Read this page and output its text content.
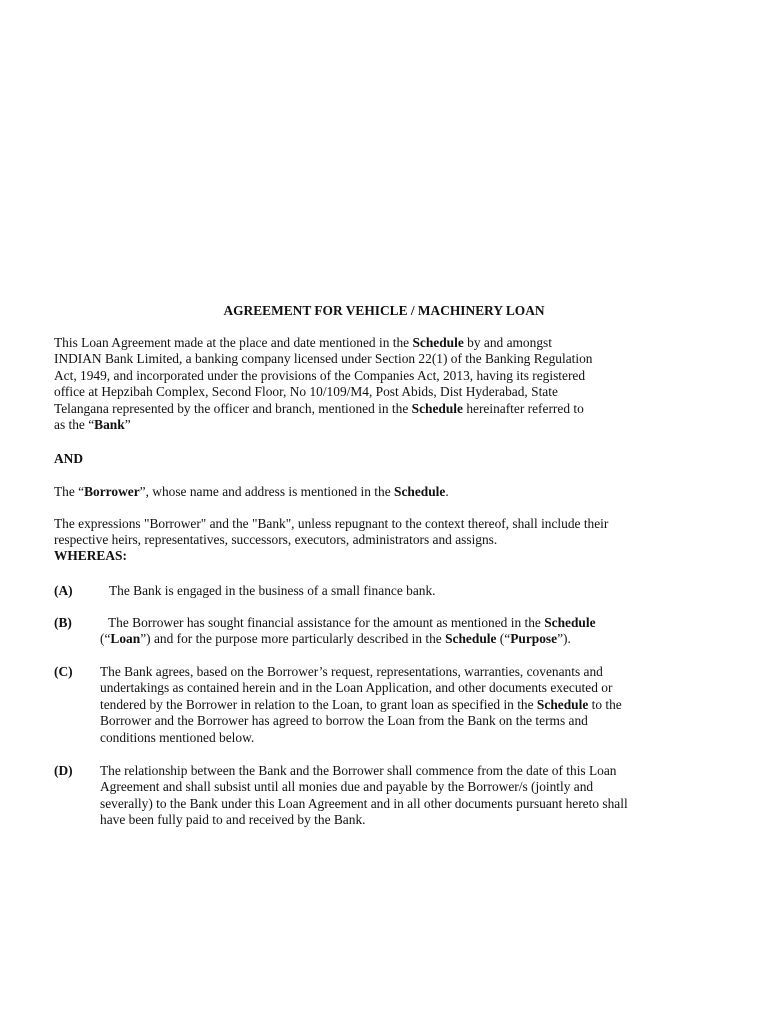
AGREEMENT FOR VEHICLE / MACHINERY LOAN
This Loan Agreement made at the place and date mentioned in the Schedule by and amongst
INDIAN Bank Limited, a banking company licensed under Section 22(1) of the Banking Regulation
Act, 1949, and incorporated under the provisions of the Companies Act, 2013, having its registered
office at Hepzibah Complex, Second Floor, No 10/109/M4, Post Abids, Dist Hyderabad, State
Telangana represented by the officer and branch, mentioned in the Schedule hereinafter referred to
as the “Bank”
AND
The “Borrower”, whose name and address is mentioned in the Schedule.
The expressions "Borrower" and the "Bank", unless repugnant to the context thereof, shall include their
respective heirs, representatives, successors, executors, administrators and assigns.
WHEREAS:
(A)	The Bank is engaged in the business of a small finance bank.
(B)	The Borrower has sought financial assistance for the amount as mentioned in the Schedule
(“Loan”) and for the purpose more particularly described in the Schedule (“Purpose”).
(C) The Bank agrees, based on the Borrower’s request, representations, warranties, covenants and
undertakings as contained herein and in the Loan Application, and other documents executed or
tendered by the Borrower in relation to the Loan, to grant loan as specified in the Schedule to the
Borrower and the Borrower has agreed to borrow the Loan from the Bank on the terms and
conditions mentioned below.
(D) The relationship between the Bank and the Borrower shall commence from the date of this Loan
Agreement and shall subsist until all monies due and payable by the Borrower/s (jointly and
severally) to the Bank under this Loan Agreement and in all other documents pursuant hereto shall
have been fully paid to and received by the Bank.
